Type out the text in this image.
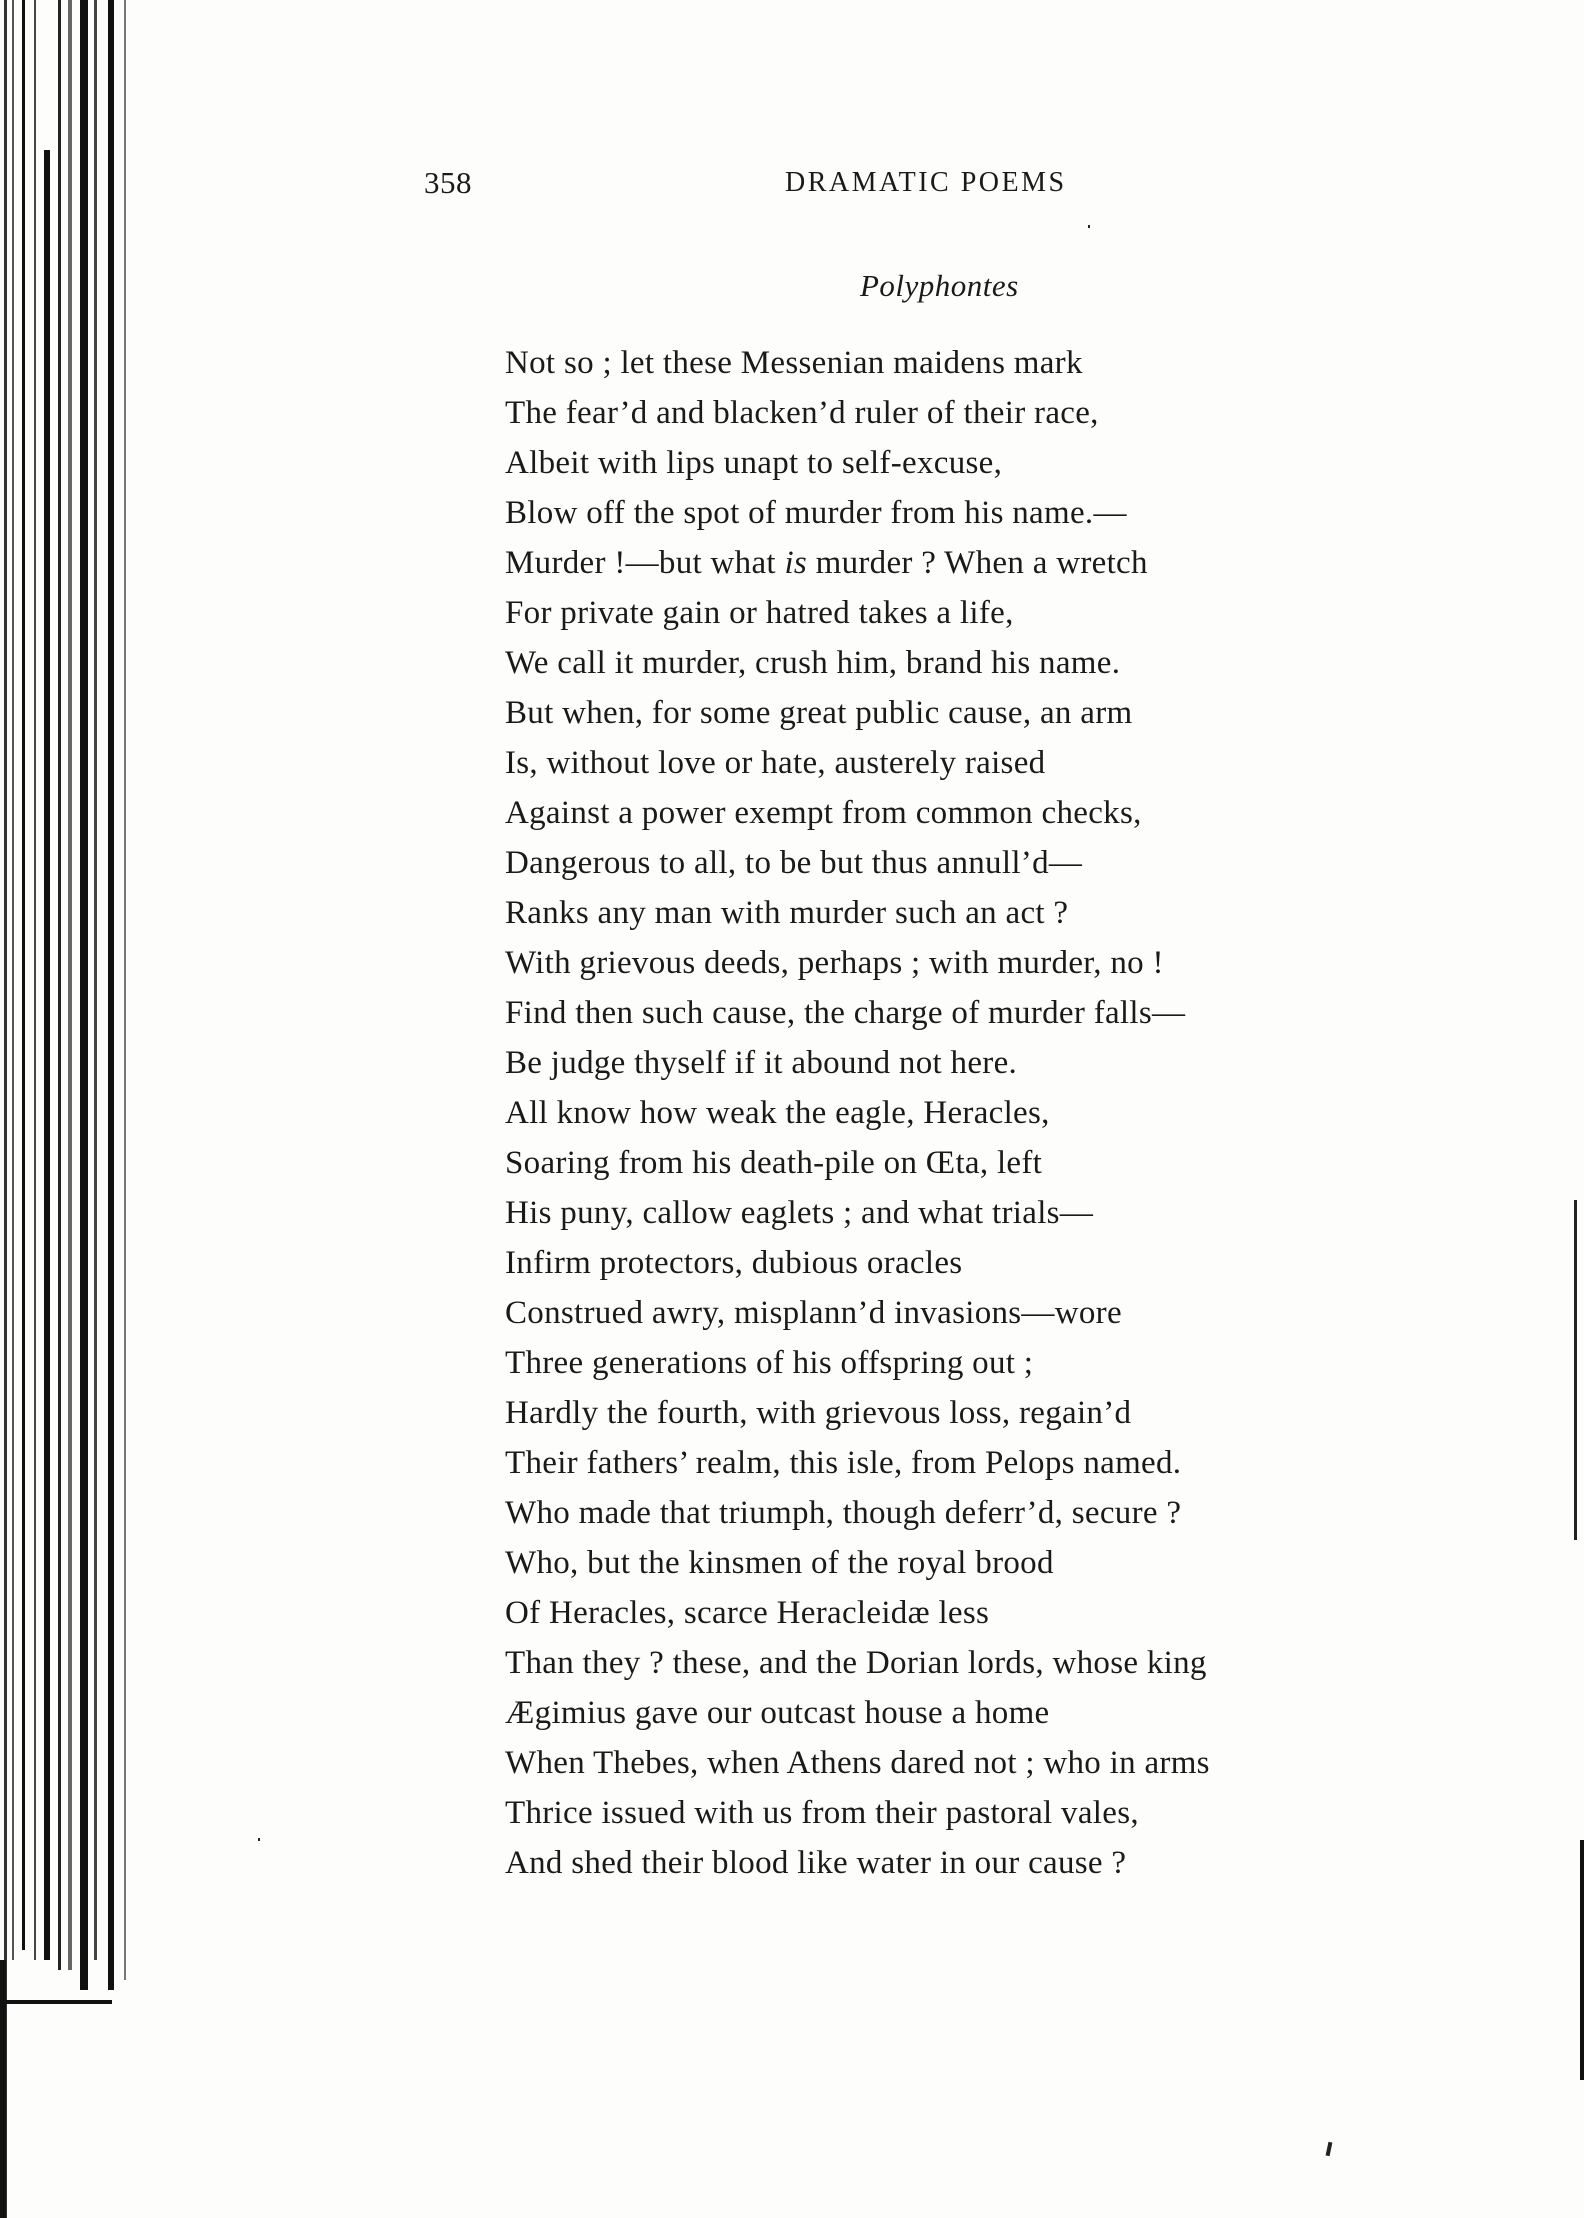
358	DRAMATIC POEMS
Polyphontes
Not so ; let these Messenian maidens mark
The fear’d and blacken’d ruler of their race,
Albeit with lips unapt to self-excuse,
Blow off the spot of murder from his name.—
Murder !—but what is murder ? When a wretch
For private gain or hatred takes a life,
We call it murder, crush him, brand his name.
But when, for some great public cause, an arm
Is, without love or hate, austerely raised
Against a power exempt from common checks,
Dangerous to all, to be but thus annull’d—
Ranks any man with murder such an act ?
With grievous deeds, perhaps ; with murder, no !
Find then such cause, the charge of murder falls—
Be judge thyself if it abound not here.
All know how weak the eagle, Heracles,
Soaring from his death-pile on Œta, left
His puny, callow eaglets ; and what trials—
Infirm protectors, dubious oracles
Construed awry, misplann’d invasions—wore
Three generations of his offspring out ;
Hardly the fourth, with grievous loss, regain’d
Their fathers’ realm, this isle, from Pelops named.
Who made that triumph, though deferr’d, secure ?
Who, but the kinsmen of the royal brood
Of Heracles, scarce Heracleidæ less
Than they ? these, and the Dorian lords, whose king
Ægimius gave our outcast house a home
When Thebes, when Athens dared not ; who in arms
Thrice issued with us from their pastoral vales,
And shed their blood like water in our cause ?
